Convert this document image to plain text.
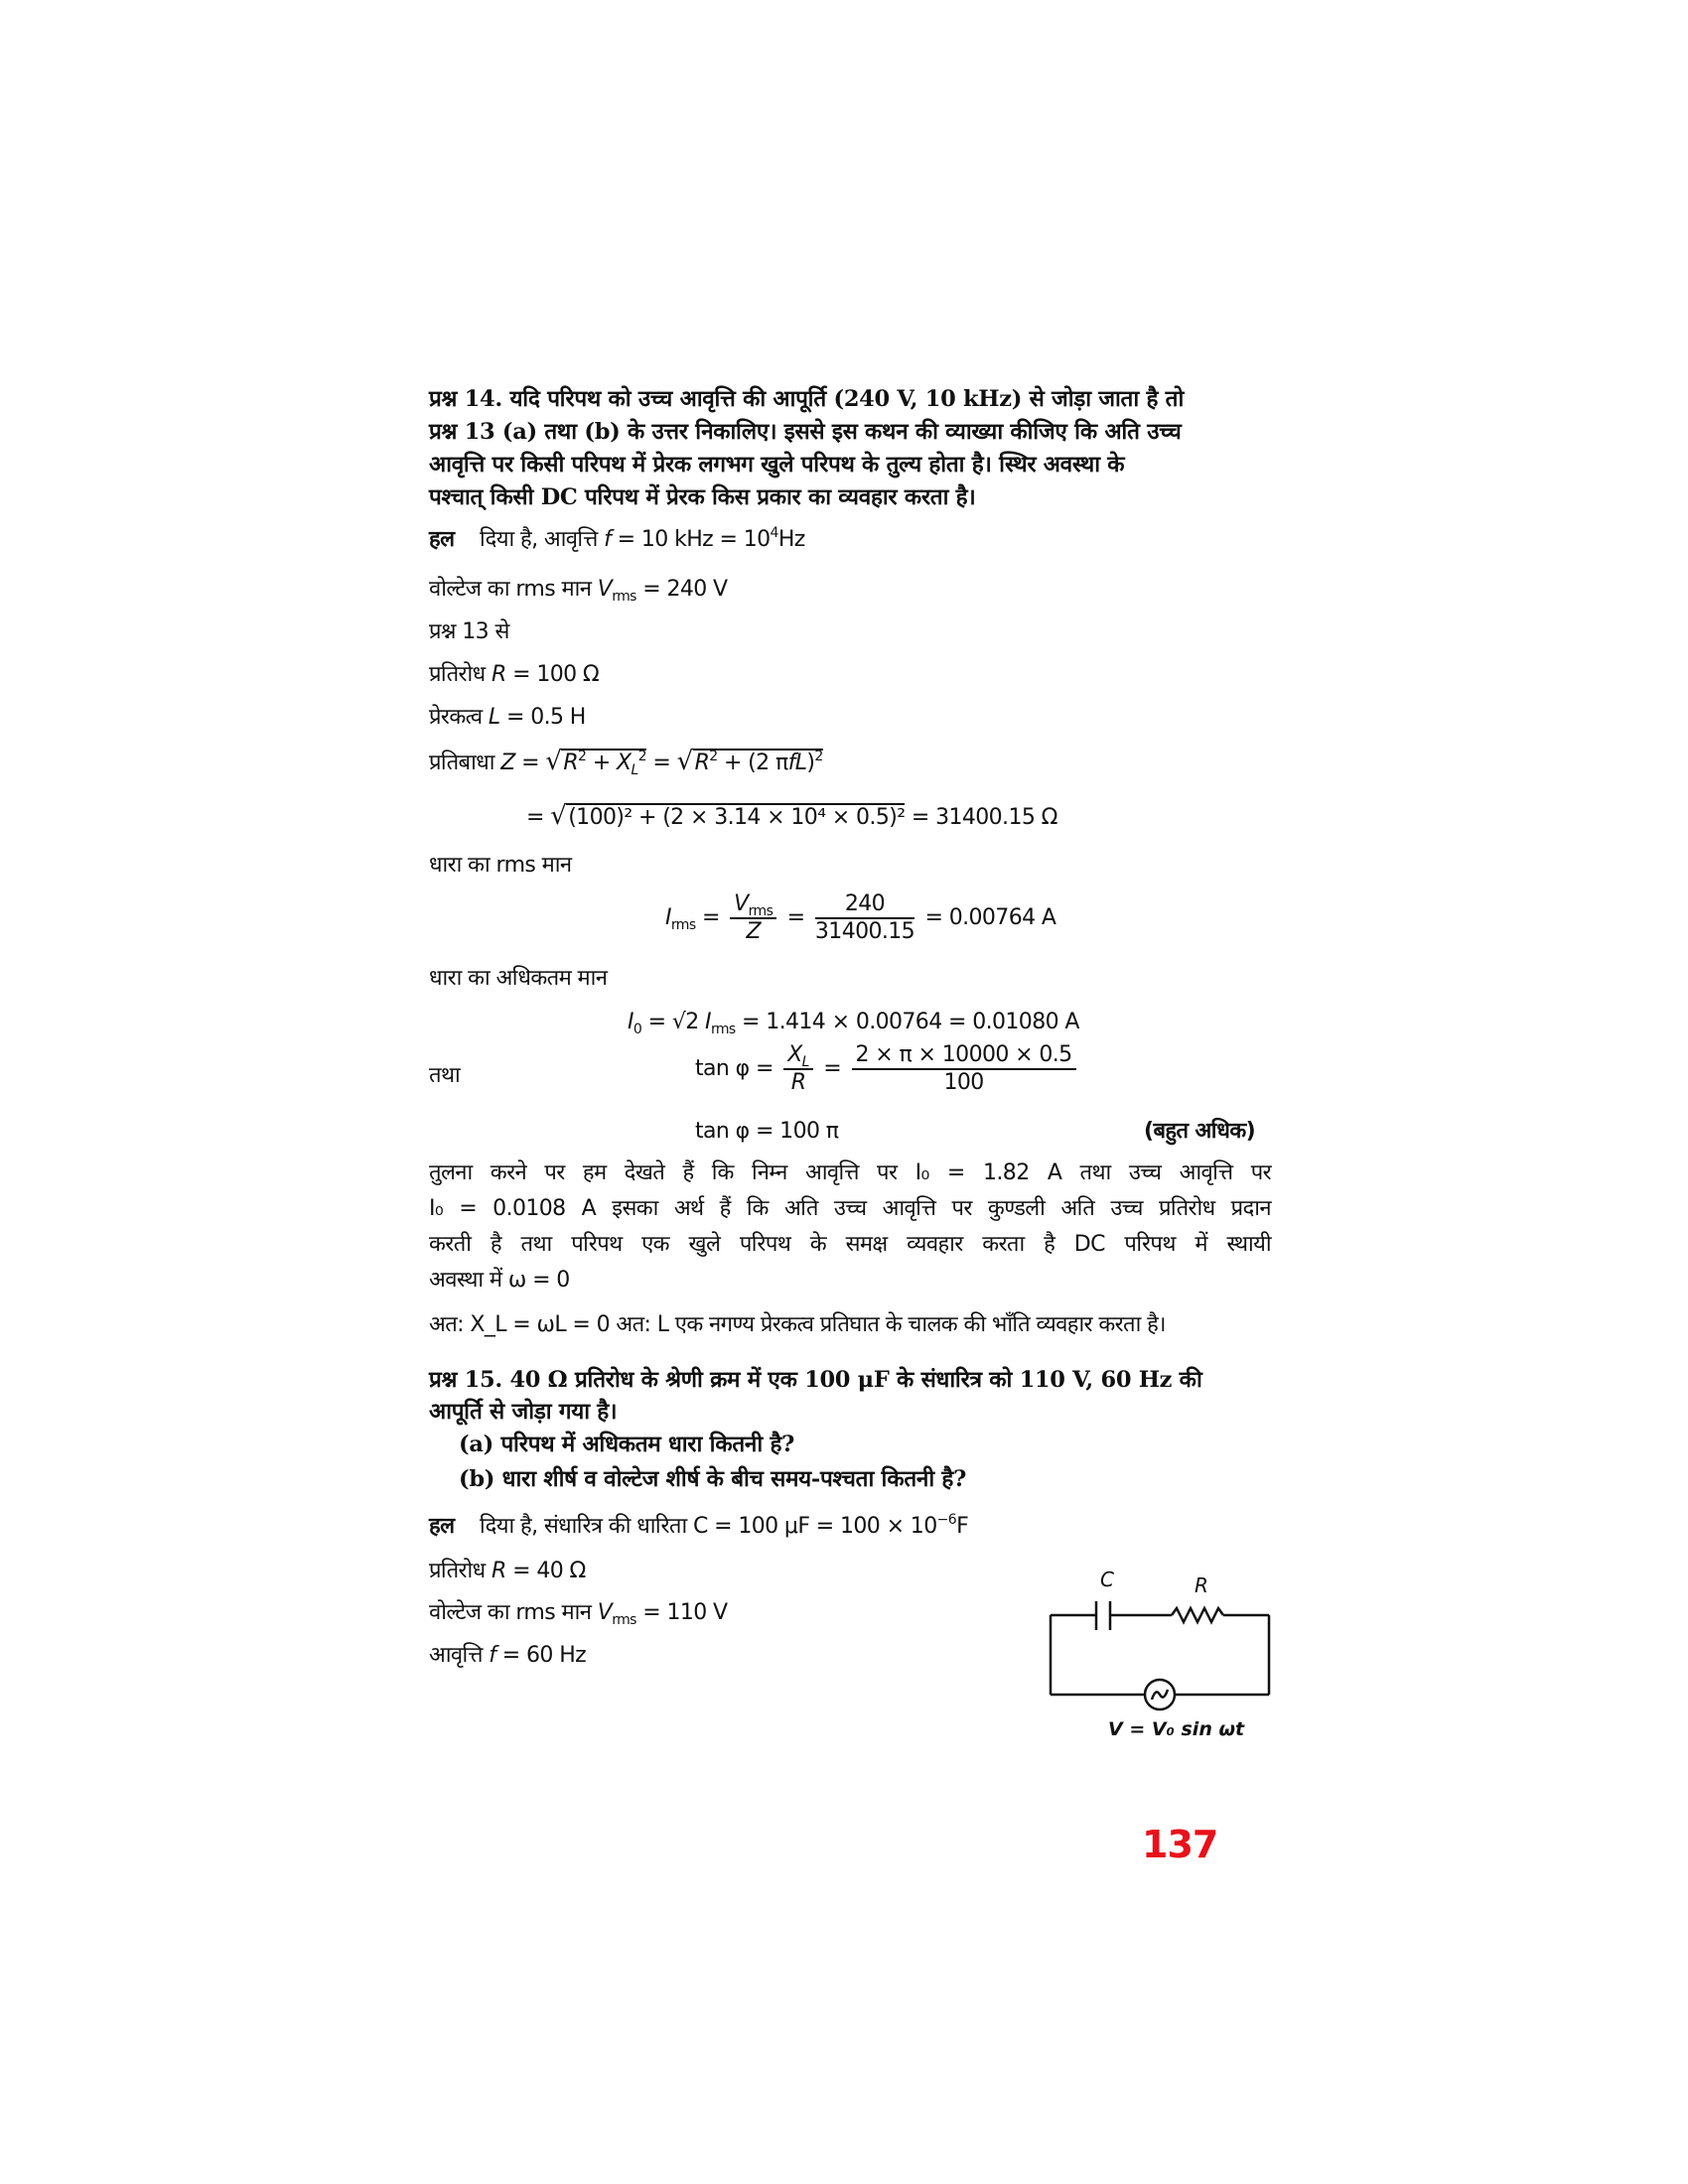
प्रश्न 14. यदि परिपथ को उच्च आवृत्ति की आपूर्ति (240 V, 10 kHz) से जोड़ा जाता है तो
प्रश्न 13 (a) तथा (b) के उत्तर निकालिए। इससे इस कथन की व्याख्या कीजिए कि अति उच्च
आवृत्ति पर किसी परिपथ में प्रेरक लगभग खुले परिपथ के तुल्य होता है। स्थिर अवस्था के
पश्चात् किसी DC परिपथ में प्रेरक किस प्रकार का व्यवहार करता है।
हल दिया है, आवृत्ति f = 10 kHz = $10^4Hz$
वोल्टेज का rms मान $V_{rms} = 240$ V
प्रश्न 13 से
प्रतिरोध R = 100 Ω
प्रेरकत्व L = 0.5 H
प्रतिबाधा $Z = √R^2 + X_L^2 = √R^2 + (2$ πfL)$^2$
= √(100)² + (2 × 3.14 × 10⁴ × 0.5)² = 31400.15 Ω
धारा का rms मान
$I_{rms} = \frac{V_{rms}}{Z} = \frac{240}{31400.15} = 0.00764$ A
धारा का अधिकतम मान
$I_0 = √2$ $I_{rms} = 1.414 \times 0.00764 = 0.01080$ A
तथा	$\tan \varphi = \frac{X_L}{R} = \frac{2 \times \pi \times 10000 \times 0.5}{100}$
tan φ = 100 π	(बहुत अधिक)
तुलना करने पर हम देखते हैं कि निम्न आवृत्ति पर I₀ = 1.82 A तथा उच्च आवृत्ति पर
I₀ = 0.0108 A इसका अर्थ हैं कि अति उच्च आवृत्ति पर कुण्डली अति उच्च प्रतिरोध प्रदान
करती है तथा परिपथ एक खुले परिपथ के समक्ष व्यवहार करता है DC परिपथ में स्थायी
अवस्था में ω = 0
अत: X_L = ωL = 0 अत: L एक नगण्य प्रेरकत्व प्रतिघात के चालक की भाँति व्यवहार करता है।
प्रश्न 15. 40 Ω प्रतिरोध के श्रेणी क्रम में एक 100 μF के संधारित्र को 110 V, 60 Hz की
आपूर्ति से जोड़ा गया है।
(a) परिपथ में अधिकतम धारा कितनी है?
(b) धारा शीर्ष व वोल्टेज शीर्ष के बीच समय-पश्चता कितनी है?
हल दिया है, संधारित्र की धारिता C = 100 $\mu F = 100 \times 10^{-6}F$
प्रतिरोध R = 40 Ω
वोल्टेज का rms मान $V_{rms} = 110$ V
आवृत्ति f = 60 Hz
C	R
V = V₀ sin ωt
137
